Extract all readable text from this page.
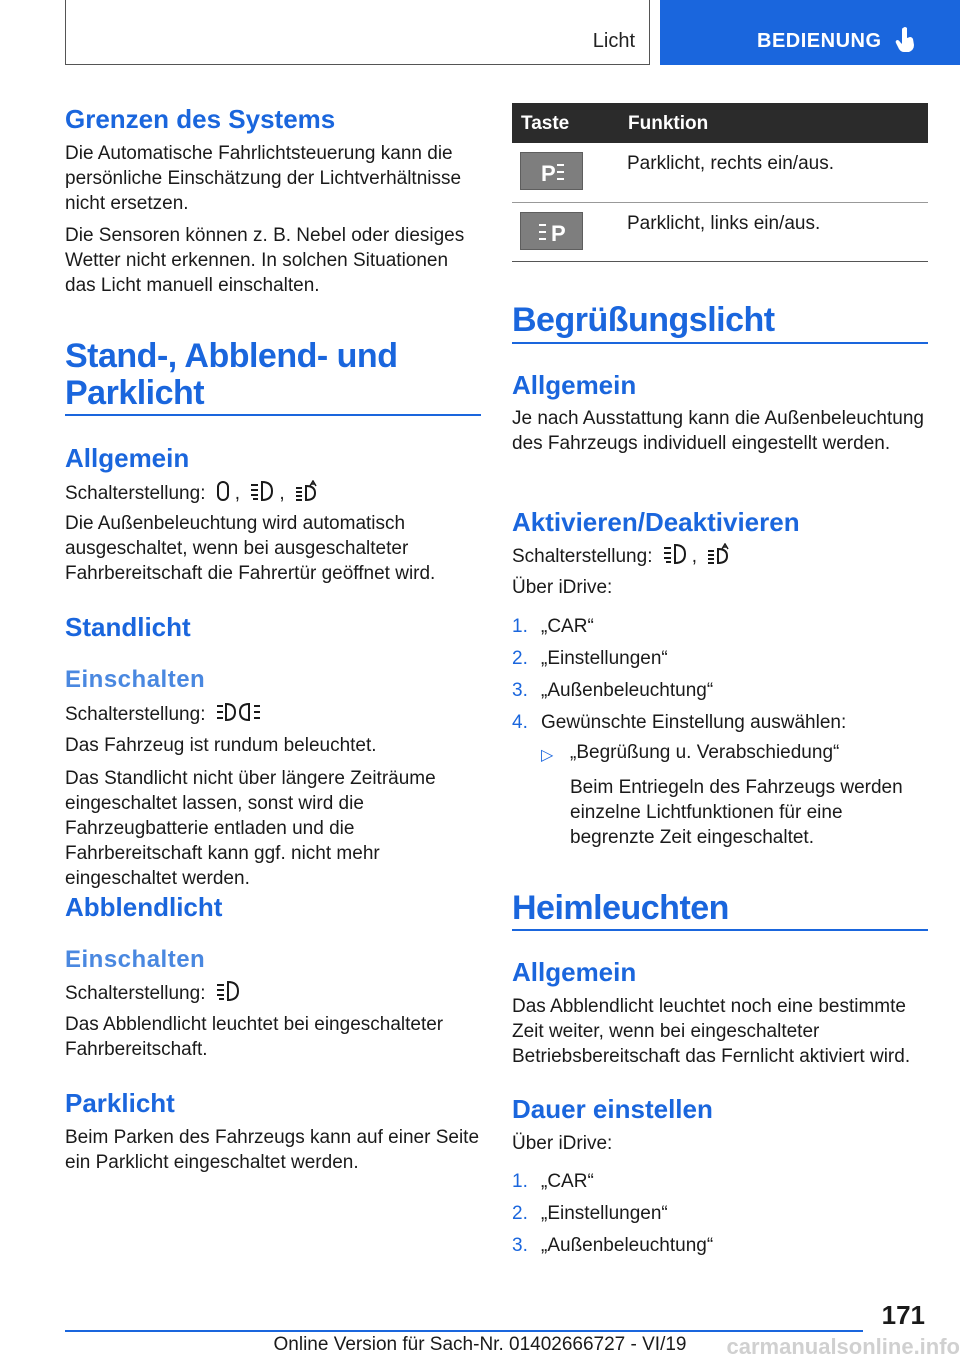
Licht	BEDIENUNG
Grenzen des Systems
Die Automatische Fahrlichtsteuerung kann die persönliche Einschätzung der Lichtverhältnisse nicht ersetzen.
Die Sensoren können z. B. Nebel oder diesiges Wetter nicht erkennen. In solchen Situationen das Licht manuell einschalten.
Stand-, Abblend- und
Parklicht
Allgemein
Schalterstellung: , ,
Die Außenbeleuchtung wird automatisch ausgeschaltet, wenn bei ausgeschalteter Fahrbereitschaft die Fahrertür geöffnet wird.
Standlicht
Einschalten
Schalterstellung:
Das Fahrzeug ist rundum beleuchtet.
Das Standlicht nicht über längere Zeiträume eingeschaltet lassen, sonst wird die Fahrzeugbatterie entladen und die Fahrbereitschaft kann ggf. nicht mehr eingeschaltet werden.
Abblendlicht
Einschalten
Schalterstellung:
Das Abblendlicht leuchtet bei eingeschalteter Fahrbereitschaft.
Parklicht
Beim Parken des Fahrzeugs kann auf einer Seite ein Parklicht eingeschaltet werden.
Taste	Funktion
P	Parklicht, rechts ein/aus.
P	Parklicht, links ein/aus.
Begrüßungslicht
Allgemein
Je nach Ausstattung kann die Außenbeleuchtung des Fahrzeugs individuell eingestellt werden.
Aktivieren/Deaktivieren
Schalterstellung: ,
Über iDrive:
1. „CAR“
2. „Einstellungen“
3. „Außenbeleuchtung“
4. Gewünschte Einstellung auswählen:
▷ „Begrüßung u. Verabschiedung“
Beim Entriegeln des Fahrzeugs werden einzelne Lichtfunktionen für eine begrenzte Zeit eingeschaltet.
Heimleuchten
Allgemein
Das Abblendlicht leuchtet noch eine bestimmte Zeit weiter, wenn bei eingeschalteter Betriebsbereitschaft das Fernlicht aktiviert wird.
Dauer einstellen
Über iDrive:
1. „CAR“
2. „Einstellungen“
3. „Außenbeleuchtung“
171
Online Version für Sach-Nr. 01402666727 - VI/19	carmanualsonline.info
